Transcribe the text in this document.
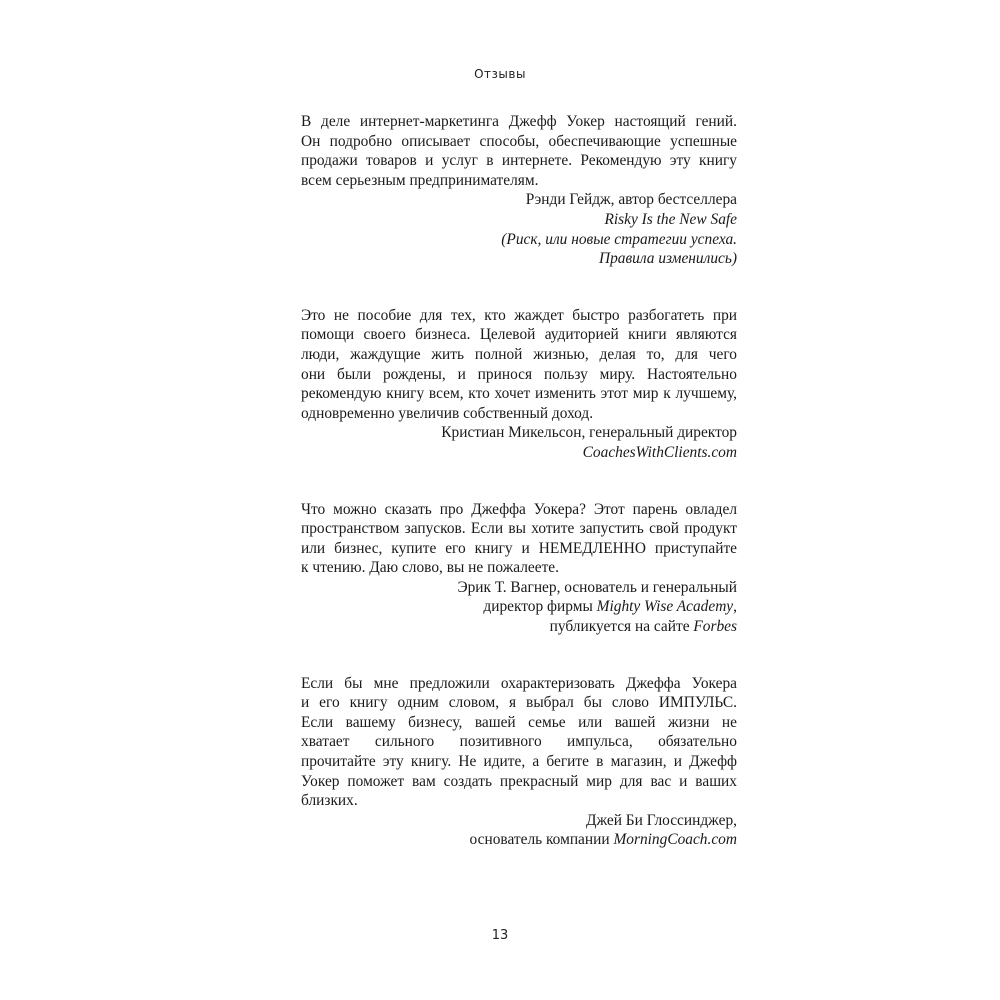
Отзывы

В деле интернет-маркетинга Джефф Уокер настоящий гений.
Он подробно описывает способы, обеспечивающие успешные
продажи товаров и услуг в интернете. Рекомендую эту книгу
всем серьезным предпринимателям.

Рэнди Гейдж, автор бестселлера
Risky Is the New Safe
(Риск, или новые стратегии успеха.
Правила изменились)

Это не пособие для тех, кто жаждет быстро разбогатеть при
помощи своего бизнеса. Целевой аудиторией книги являются
люди, жаждущие жить полной жизнью, делая то, для чего
они были рождены, и принося пользу миру. Настоятельно
рекомендую книгу всем, кто хочет изменить этот мир к лучшему,
одновременно увеличив собственный доход.

Кристиан Микельсон, генеральный директор
CoachesWithClients.com

Что можно сказать про Джеффа Уокера? Этот парень овладел
пространством запусков. Если вы хотите запустить свой продукт
или бизнес, купите его книгу и НЕМЕДЛЕННО приступайте
к чтению. Даю слово, вы не пожалеете.

Эрик Т. Вагнер, основатель и генеральный
директор фирмы Mighty Wise Academy,
публикуется на сайте Forbes

Если бы мне предложили охарактеризовать Джеффа Уокера
и его книгу одним словом, я выбрал бы слово ИМПУЛЬС.
Если вашему бизнесу, вашей семье или вашей жизни не
хватает сильного позитивного импульса, обязательно
прочитайте эту книгу. Не идите, а бегите в магазин, и Джефф
Уокер поможет вам создать прекрасный мир для вас и ваших
близких.

Джей Би Глоссинджер,
основатель компании MorningCoach.com

13
